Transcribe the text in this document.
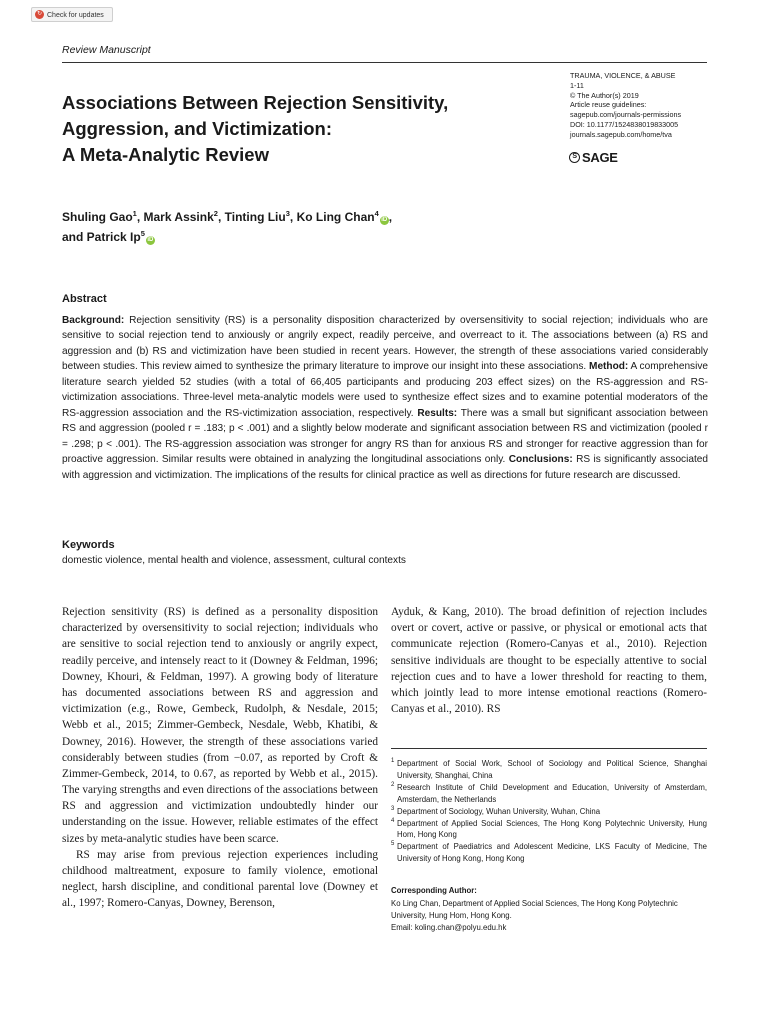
↻ Check for updates
Review Manuscript
Associations Between Rejection Sensitivity,
Aggression, and Victimization:
A Meta-Analytic Review
TRAUMA, VIOLENCE, & ABUSE
1-11
© The Author(s) 2019
Article reuse guidelines:
sagepub.com/journals-permissions
DOI: 10.1177/1524838019833005
journals.sagepub.com/home/tva
S SAGE
Shuling Gao$^1$, Mark Assink$^2$, Tinting Liu$^3$, Ko Ling Chan$^4$iD ,
and Patrick Ip$^5$iD
Abstract
Background: Rejection sensitivity (RS) is a personality disposition characterized by oversensitivity to social rejection; individuals who are sensitive to social rejection tend to anxiously or angrily expect, readily perceive, and overreact to it. The associations between (a) RS and aggression and (b) RS and victimization have been studied in recent years. However, the strength of these associations varied considerably between studies. This review aimed to synthesize the primary literature to improve our insight into these associations. Method: A comprehensive literature search yielded 52 studies (with a total of 66,405 participants and producing 203 effect sizes) on the RS-aggression and RS-victimization associations. Three-level meta-analytic models were used to synthesize effect sizes and to examine potential moderators of the RS-aggression association and the RS-victimization association, respectively. Results: There was a small but significant association between RS and aggression (pooled r = .183; p < .001) and a slightly below moderate and significant association between RS and victimization (pooled r = .298; p < .001). The RS-aggression association was stronger for angry RS than for anxious RS and stronger for reactive aggression than for proactive aggression. Similar results were obtained in analyzing the longitudinal associations only. Conclusions: RS is significantly associated with aggression and victimization. The implications of the results for clinical practice as well as directions for future research are discussed.
Keywords
domestic violence, mental health and violence, assessment, cultural contexts
Rejection sensitivity (RS) is defined as a personality disposition characterized by oversensitivity to social rejection; individuals who are sensitive to social rejection tend to anxiously or angrily expect, readily perceive, and intensely react to it (Downey & Feldman, 1996; Downey, Khouri, & Feldman, 1997). A growing body of literature has documented associations between RS and aggression and victimization (e.g., Rowe, Gembeck, Rudolph, & Nesdale, 2015; Webb et al., 2015; Zimmer-Gembeck, Nesdale, Webb, Khatibi, & Downey, 2016). However, the strength of these associations varied considerably between studies (from −0.07, as reported by Croft & Zimmer-Gembeck, 2014, to 0.67, as reported by Webb et al., 2015). The varying strengths and even directions of the associations between RS and aggression and victimization undoubtedly hinder our understanding on the issue. However, reliable estimates of the effect sizes by meta-analytic studies have been scarce.
RS may arise from previous rejection experiences including childhood maltreatment, exposure to family violence, emotional neglect, harsh discipline, and conditional parental love (Downey et al., 1997; Romero-Canyas, Downey, Berenson,
Ayduk, & Kang, 2010). The broad definition of rejection includes overt or covert, active or passive, or physical or emotional acts that communicate rejection (Romero-Canyas et al., 2010). Rejection sensitive individuals are thought to be especially attentive to social rejection cues and to have a lower threshold for reacting to them, which jointly lead to more intense emotional reactions (Romero-Canyas et al., 2010). RS
1 Department of Social Work, School of Sociology and Political Science, Shanghai University, Shanghai, China
2 Research Institute of Child Development and Education, University of Amsterdam, Amsterdam, the Netherlands
3 Department of Sociology, Wuhan University, Wuhan, China
4 Department of Applied Social Sciences, The Hong Kong Polytechnic University, Hung Hom, Hong Kong
5 Department of Paediatrics and Adolescent Medicine, LKS Faculty of Medicine, The University of Hong Kong, Hong Kong
Corresponding Author:
Ko Ling Chan, Department of Applied Social Sciences, The Hong Kong Polytechnic University, Hung Hom, Hong Kong.
Email: koling.chan@polyu.edu.hk
